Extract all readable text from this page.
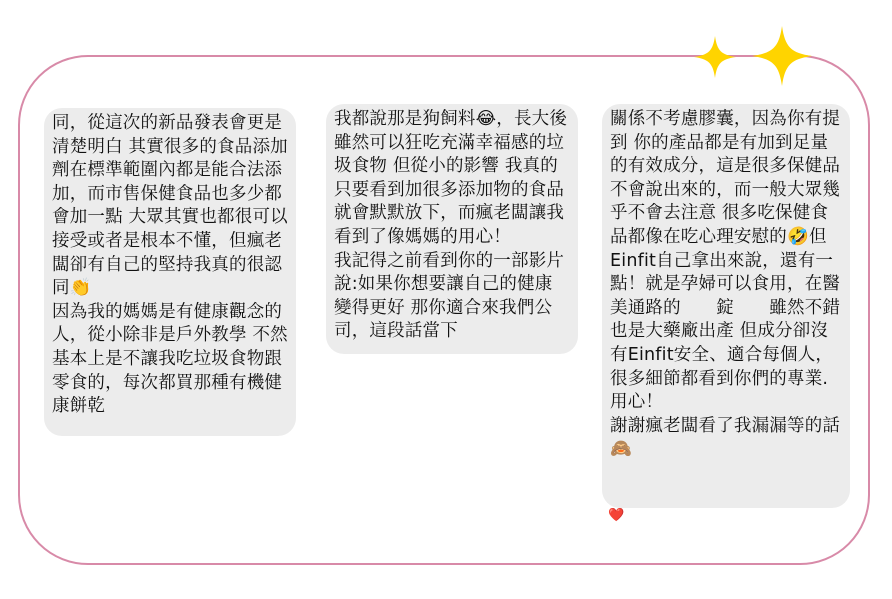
同，從這次的新品發表會更是清楚明白 其實很多的食品添加劑在標準範圍內都是能合法添加，而市售保健食品也多少都會加一點 大眾其實也都很可以接受或者是根本不懂，但瘋老闆卻有自己的堅持我真的很認同👏
因為我的媽媽是有健康觀念的人，從小除非是戶外教學 不然基本上是不讓我吃垃圾食物跟零食的，每次都買那種有機健康餅乾

我都說那是狗飼料😂，長大後雖然可以狂吃充滿幸福感的垃圾食物 但從小的影響 我真的只要看到加很多添加物的食品就會默默放下，而瘋老闆讓我看到了像媽媽的用心！
我記得之前看到你的一部影片說:如果你想要讓自己的健康變得更好 那你適合來我們公司，這段話當下

關係不考慮膠囊，因為你有提到 你的產品都是有加到足量的有效成分，這是很多保健品不會說出來的，而一般大眾幾乎不會去注意 很多吃保健食品都像在吃心理安慰的🤣但Einfit自己拿出來說，還有一點！就是孕婦可以食用，在醫美通路的　　錠　　雖然不錯 也是大藥廠出產 但成分卻沒有Einfit安全、適合每個人，很多細節都看到你們的專業.用心！
謝謝瘋老闆看了我漏漏等的話🙈

❤️
